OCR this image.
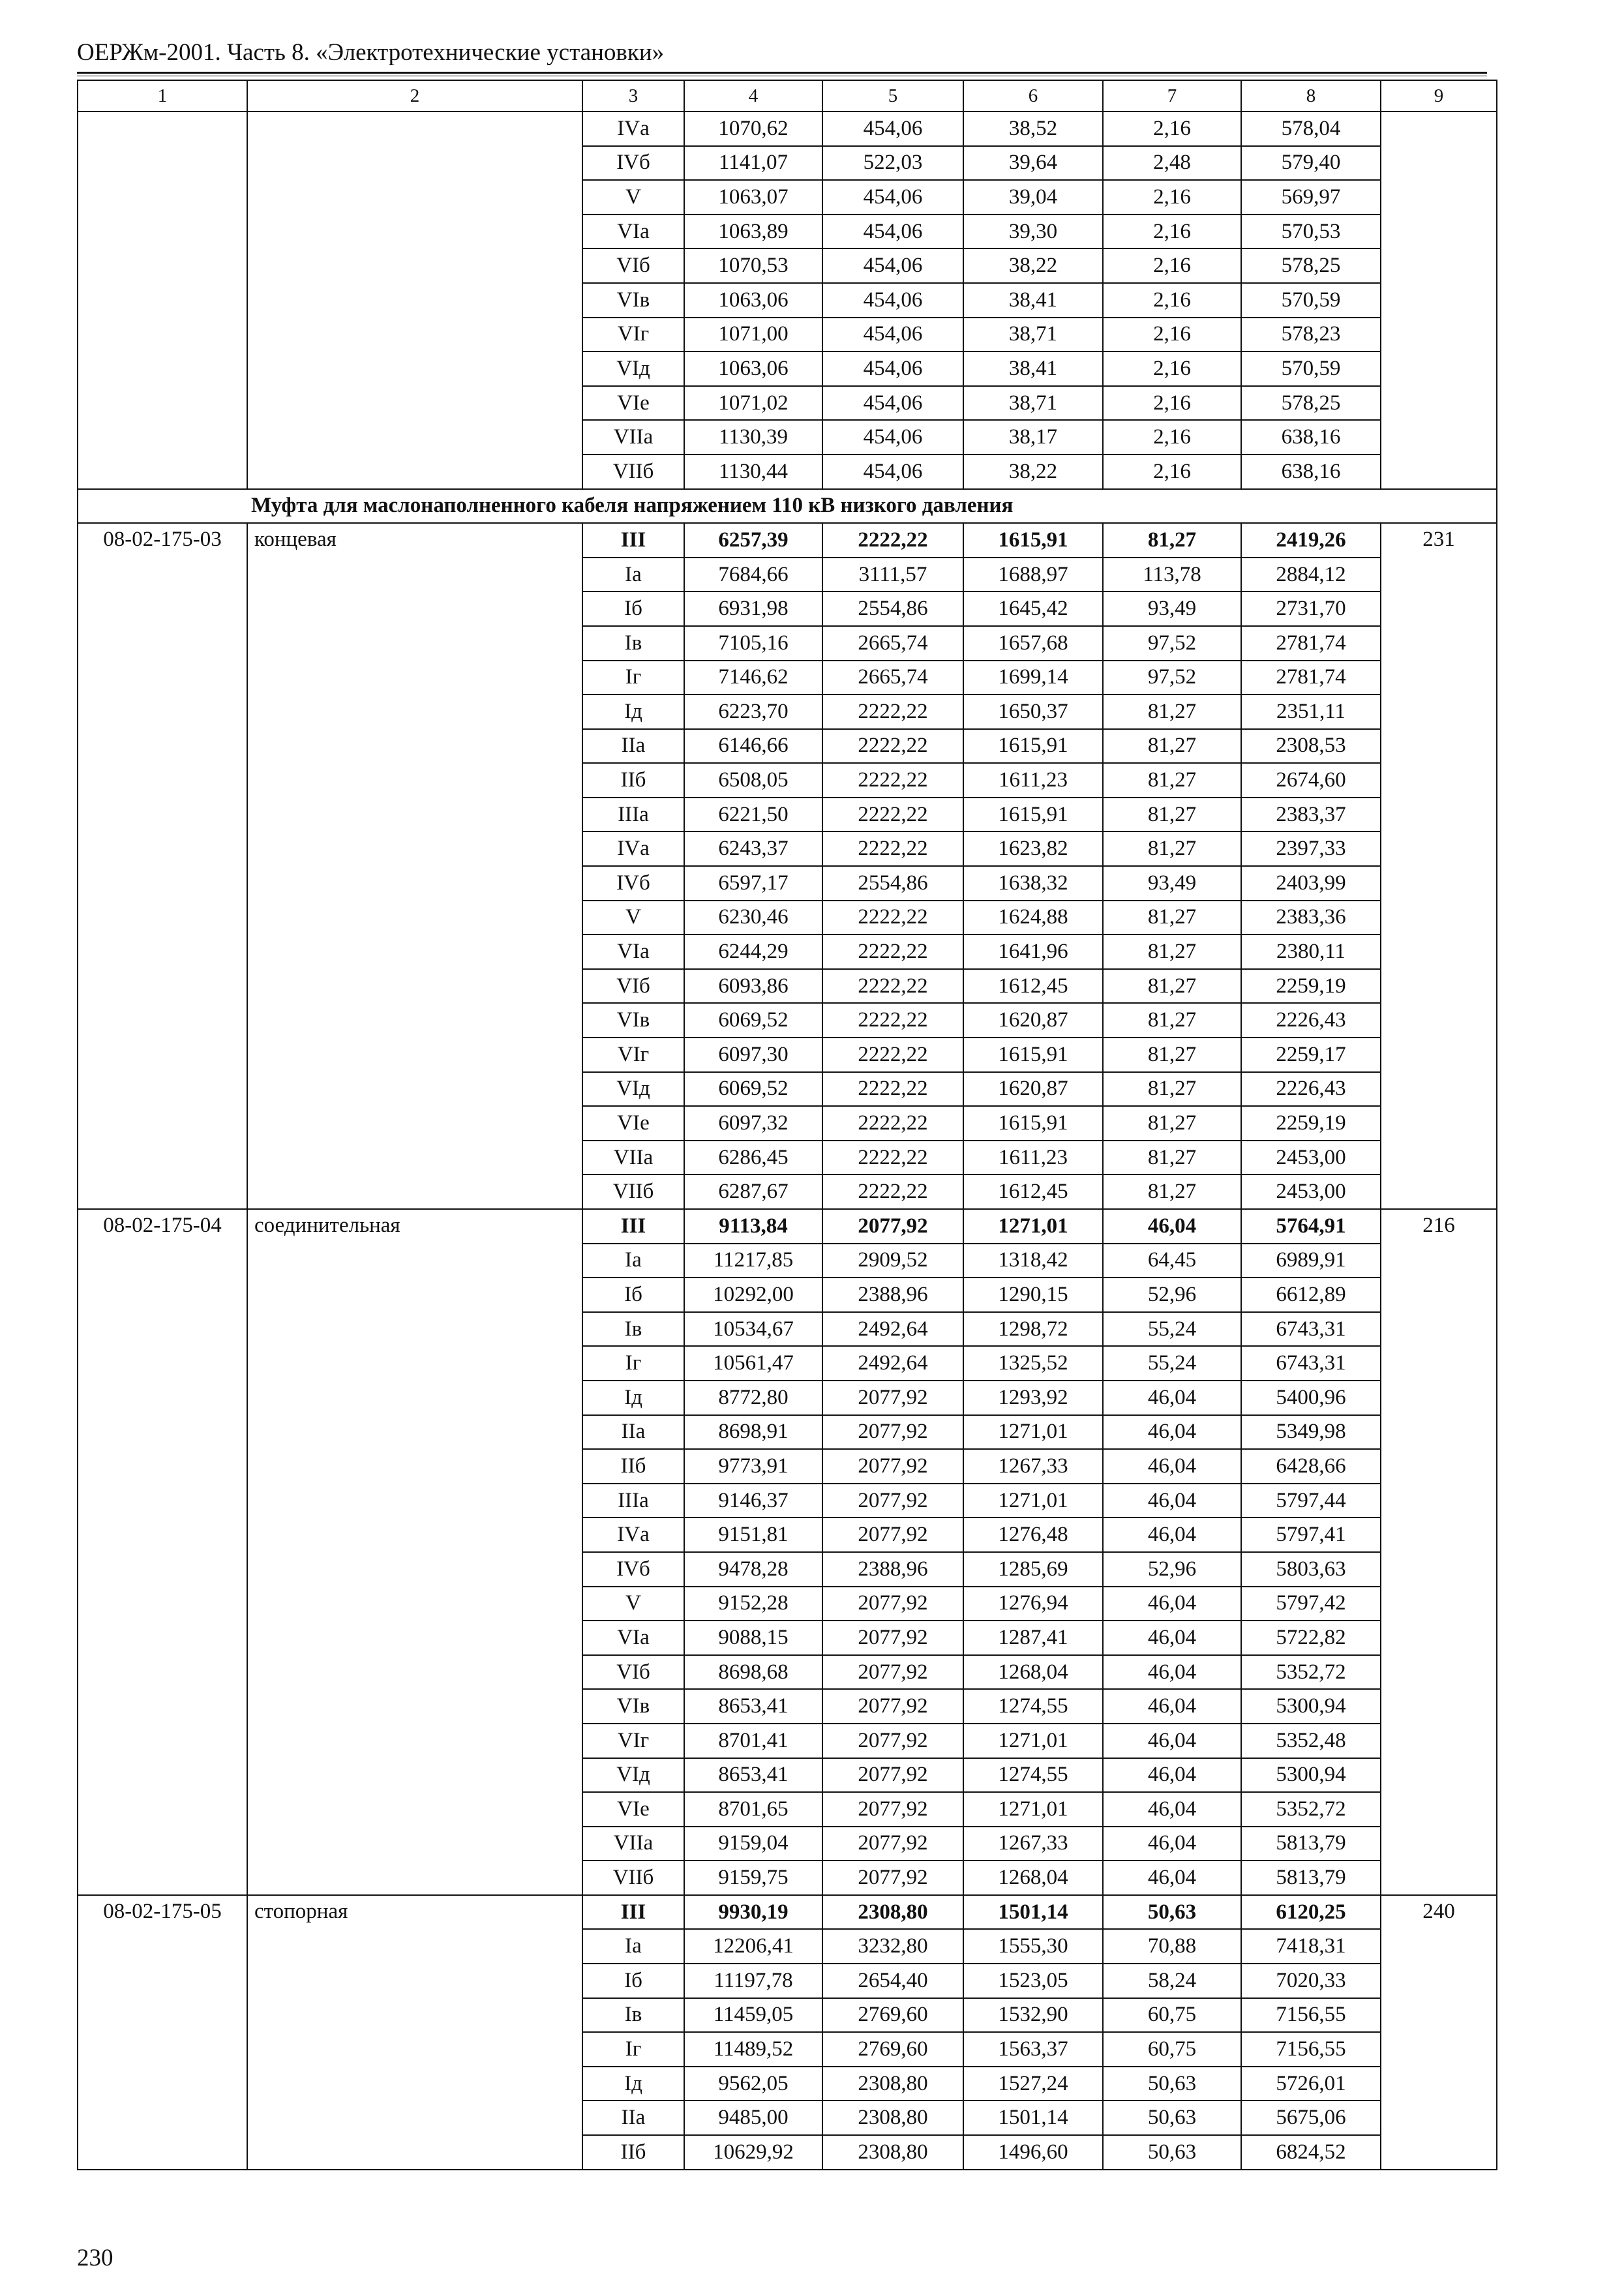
ОЕРЖм-2001. Часть 8. «Электротехнические установки»
1	2	3	4	5	6	7	8	9
		IVа	1070,62	454,06	38,52	2,16	578,04	
		IVб	1141,07	522,03	39,64	2,48	579,40	
		V	1063,07	454,06	39,04	2,16	569,97	
		VIа	1063,89	454,06	39,30	2,16	570,53	
		VIб	1070,53	454,06	38,22	2,16	578,25	
		VIв	1063,06	454,06	38,41	2,16	570,59	
		VIг	1071,00	454,06	38,71	2,16	578,23	
		VIд	1063,06	454,06	38,41	2,16	570,59	
		VIе	1071,02	454,06	38,71	2,16	578,25	
		VIIа	1130,39	454,06	38,17	2,16	638,16	
		VIIб	1130,44	454,06	38,22	2,16	638,16	
Муфта для маслонаполненного кабеля напряжением 110 кВ низкого давления								
08-02-175-03	концевая	III	6257,39	2222,22	1615,91	81,27	2419,26	231
		Iа	7684,66	3111,57	1688,97	113,78	2884,12	
		Iб	6931,98	2554,86	1645,42	93,49	2731,70	
		Iв	7105,16	2665,74	1657,68	97,52	2781,74	
		Iг	7146,62	2665,74	1699,14	97,52	2781,74	
		Iд	6223,70	2222,22	1650,37	81,27	2351,11	
		IIа	6146,66	2222,22	1615,91	81,27	2308,53	
		IIб	6508,05	2222,22	1611,23	81,27	2674,60	
		IIIа	6221,50	2222,22	1615,91	81,27	2383,37	
		IVа	6243,37	2222,22	1623,82	81,27	2397,33	
		IVб	6597,17	2554,86	1638,32	93,49	2403,99	
		V	6230,46	2222,22	1624,88	81,27	2383,36	
		VIа	6244,29	2222,22	1641,96	81,27	2380,11	
		VIб	6093,86	2222,22	1612,45	81,27	2259,19	
		VIв	6069,52	2222,22	1620,87	81,27	2226,43	
		VIг	6097,30	2222,22	1615,91	81,27	2259,17	
		VIд	6069,52	2222,22	1620,87	81,27	2226,43	
		VIе	6097,32	2222,22	1615,91	81,27	2259,19	
		VIIа	6286,45	2222,22	1611,23	81,27	2453,00	
		VIIб	6287,67	2222,22	1612,45	81,27	2453,00	
08-02-175-04	соединительная	III	9113,84	2077,92	1271,01	46,04	5764,91	216
		Iа	11217,85	2909,52	1318,42	64,45	6989,91	
		Iб	10292,00	2388,96	1290,15	52,96	6612,89	
		Iв	10534,67	2492,64	1298,72	55,24	6743,31	
		Iг	10561,47	2492,64	1325,52	55,24	6743,31	
		Iд	8772,80	2077,92	1293,92	46,04	5400,96	
		IIа	8698,91	2077,92	1271,01	46,04	5349,98	
		IIб	9773,91	2077,92	1267,33	46,04	6428,66	
		IIIа	9146,37	2077,92	1271,01	46,04	5797,44	
		IVа	9151,81	2077,92	1276,48	46,04	5797,41	
		IVб	9478,28	2388,96	1285,69	52,96	5803,63	
		V	9152,28	2077,92	1276,94	46,04	5797,42	
		VIа	9088,15	2077,92	1287,41	46,04	5722,82	
		VIб	8698,68	2077,92	1268,04	46,04	5352,72	
		VIв	8653,41	2077,92	1274,55	46,04	5300,94	
		VIг	8701,41	2077,92	1271,01	46,04	5352,48	
		VIд	8653,41	2077,92	1274,55	46,04	5300,94	
		VIе	8701,65	2077,92	1271,01	46,04	5352,72	
		VIIа	9159,04	2077,92	1267,33	46,04	5813,79	
		VIIб	9159,75	2077,92	1268,04	46,04	5813,79	
08-02-175-05	стопорная	III	9930,19	2308,80	1501,14	50,63	6120,25	240
		Iа	12206,41	3232,80	1555,30	70,88	7418,31	
		Iб	11197,78	2654,40	1523,05	58,24	7020,33	
		Iв	11459,05	2769,60	1532,90	60,75	7156,55	
		Iг	11489,52	2769,60	1563,37	60,75	7156,55	
		Iд	9562,05	2308,80	1527,24	50,63	5726,01	
		IIа	9485,00	2308,80	1501,14	50,63	5675,06	
		IIб	10629,92	2308,80	1496,60	50,63	6824,52	
230
